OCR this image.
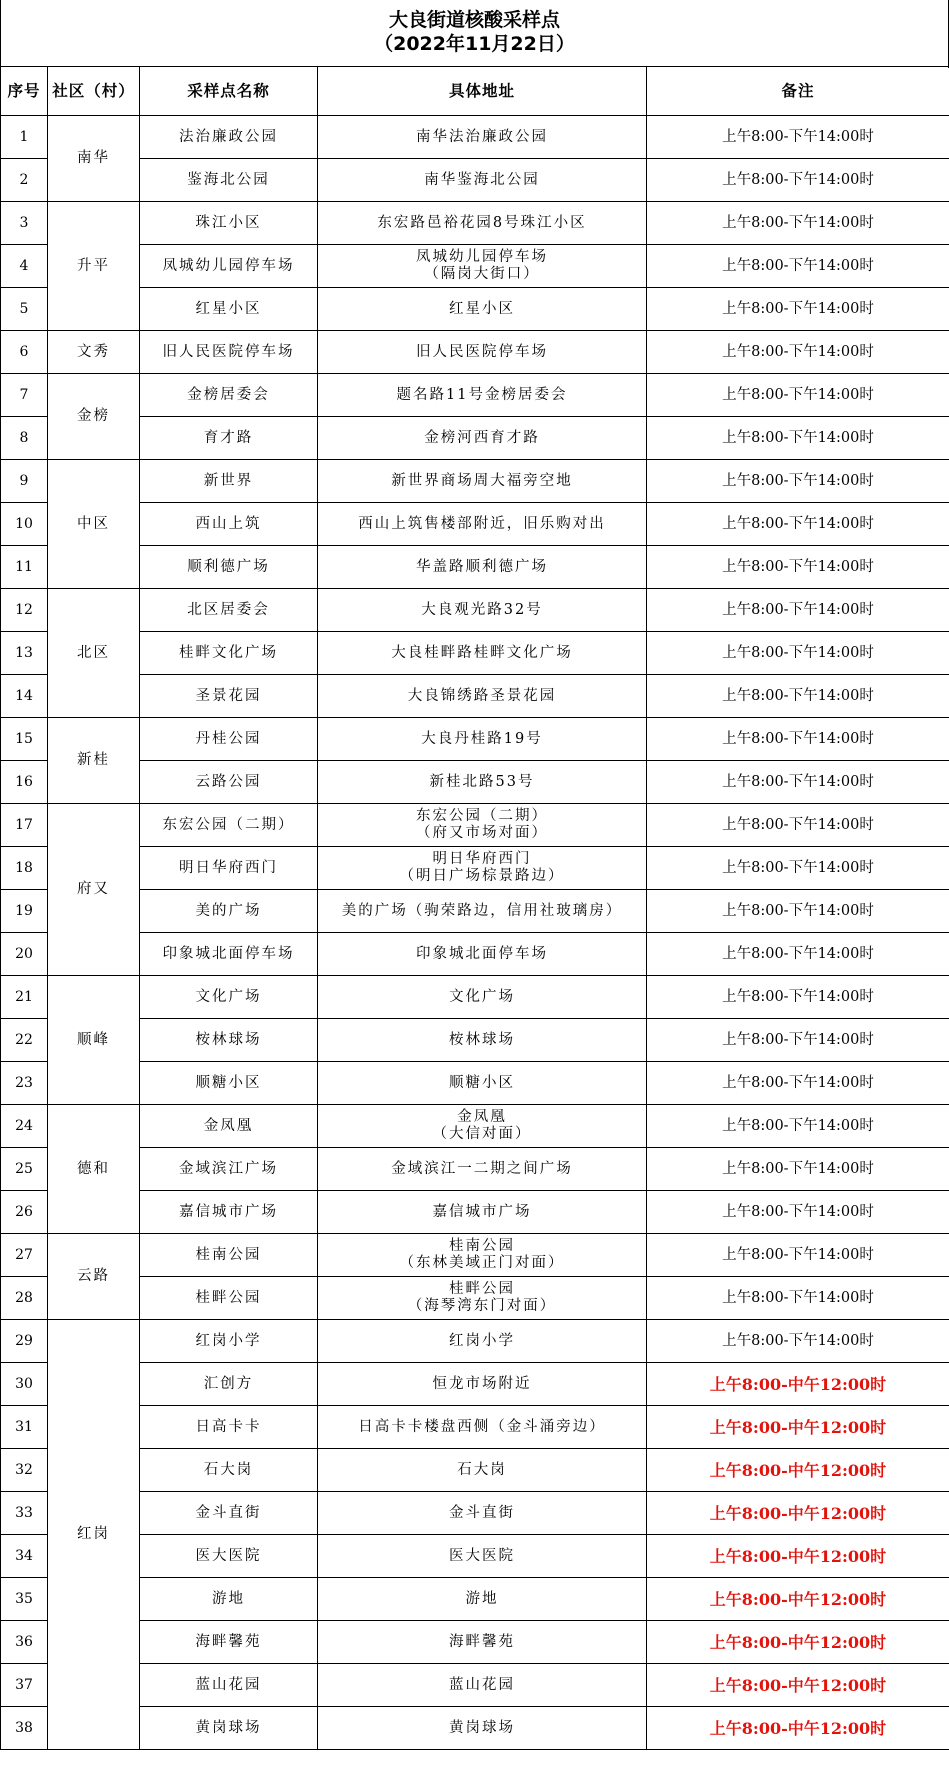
大良街道核酸采样点
（2022年11月22日）
序号	社区（村）	采样点名称	具体地址	备注
1	南华	法治廉政公园	南华法治廉政公园	上午8:00-下午14:00时
2		鉴海北公园	南华鉴海北公园	上午8:00-下午14:00时
3	升平	珠江小区	东宏路邑裕花园8号珠江小区	上午8:00-下午14:00时
4		凤城幼儿园停车场	凤城幼儿园停车场
（隔岗大街口）	上午8:00-下午14:00时
5		红星小区	红星小区	上午8:00-下午14:00时
6	文秀	旧人民医院停车场	旧人民医院停车场	上午8:00-下午14:00时
7	金榜	金榜居委会	题名路11号金榜居委会	上午8:00-下午14:00时
8		育才路	金榜河西育才路	上午8:00-下午14:00时
9	中区	新世界	新世界商场周大福旁空地	上午8:00-下午14:00时
10		西山上筑	西山上筑售楼部附近，旧乐购对出	上午8:00-下午14:00时
11		顺利德广场	华盖路顺利德广场	上午8:00-下午14:00时
12	北区	北区居委会	大良观光路32号	上午8:00-下午14:00时
13		桂畔文化广场	大良桂畔路桂畔文化广场	上午8:00-下午14:00时
14		圣景花园	大良锦绣路圣景花园	上午8:00-下午14:00时
15	新桂	丹桂公园	大良丹桂路19号	上午8:00-下午14:00时
16		云路公园	新桂北路53号	上午8:00-下午14:00时
17	府又	东宏公园（二期）	东宏公园（二期）
（府又市场对面）	上午8:00-下午14:00时
18		明日华府西门	明日华府西门
（明日广场棕景路边）	上午8:00-下午14:00时
19		美的广场	美的广场（驹荣路边，信用社玻璃房）	上午8:00-下午14:00时
20		印象城北面停车场	印象城北面停车场	上午8:00-下午14:00时
21	顺峰	文化广场	文化广场	上午8:00-下午14:00时
22		桉林球场	桉林球场	上午8:00-下午14:00时
23		顺糖小区	顺糖小区	上午8:00-下午14:00时
24	德和	金凤凰	金凤凰
（大信对面）	上午8:00-下午14:00时
25		金域滨江广场	金域滨江一二期之间广场	上午8:00-下午14:00时
26		嘉信城市广场	嘉信城市广场	上午8:00-下午14:00时
27	云路	桂南公园	桂南公园
（东林美域正门对面）	上午8:00-下午14:00时
28		桂畔公园	桂畔公园
（海琴湾东门对面）	上午8:00-下午14:00时
29	红岗	红岗小学	红岗小学	上午8:00-下午14:00时
30		汇创方	恒龙市场附近	上午8:00-中午12:00时
31		日高卡卡	日高卡卡楼盘西侧（金斗涌旁边）	上午8:00-中午12:00时
32		石大岗	石大岗	上午8:00-中午12:00时
33		金斗直街	金斗直街	上午8:00-中午12:00时
34		医大医院	医大医院	上午8:00-中午12:00时
35		游地	游地	上午8:00-中午12:00时
36		海畔馨苑	海畔馨苑	上午8:00-中午12:00时
37		蓝山花园	蓝山花园	上午8:00-中午12:00时
38		黄岗球场	黄岗球场	上午8:00-中午12:00时
